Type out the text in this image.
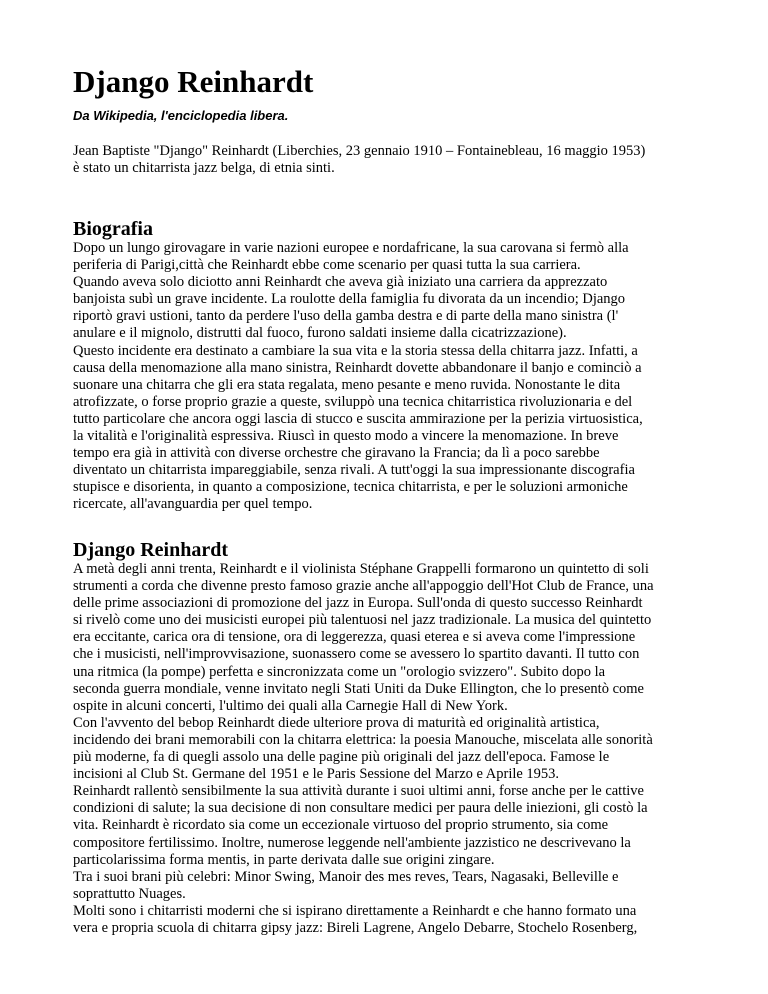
Django Reinhardt
Da Wikipedia, l'enciclopedia libera.
Jean Baptiste "Django" Reinhardt (Liberchies, 23 gennaio 1910 – Fontainebleau, 16 maggio 1953)
è stato un chitarrista jazz belga, di etnia sinti.
Biografia
Dopo un lungo girovagare in varie nazioni europee e nordafricane, la sua carovana si fermò alla
periferia di Parigi,città che Reinhardt ebbe come scenario per quasi tutta la sua carriera.
Quando aveva solo diciotto anni Reinhardt che aveva già iniziato una carriera da apprezzato
banjoista subì un grave incidente. La roulotte della famiglia fu divorata da un incendio; Django
riportò gravi ustioni, tanto da perdere l'uso della gamba destra e di parte della mano sinistra (l'
anulare e il mignolo, distrutti dal fuoco, furono saldati insieme dalla cicatrizzazione).
Questo incidente era destinato a cambiare la sua vita e la storia stessa della chitarra jazz. Infatti, a
causa della menomazione alla mano sinistra, Reinhardt dovette abbandonare il banjo e cominciò a
suonare una chitarra che gli era stata regalata, meno pesante e meno ruvida. Nonostante le dita
atrofizzate, o forse proprio grazie a queste, sviluppò una tecnica chitarristica rivoluzionaria e del
tutto particolare che ancora oggi lascia di stucco e suscita ammirazione per la perizia virtuosistica,
la vitalità e l'originalità espressiva. Riuscì in questo modo a vincere la menomazione. In breve
tempo era già in attività con diverse orchestre che giravano la Francia; da lì a poco sarebbe
diventato un chitarrista impareggiabile, senza rivali. A tutt'oggi la sua impressionante discografia
stupisce e disorienta, in quanto a composizione, tecnica chitarrista, e per le soluzioni armoniche
ricercate, all'avanguardia per quel tempo.
Django Reinhardt
A metà degli anni trenta, Reinhardt e il violinista Stéphane Grappelli formarono un quintetto di soli
strumenti a corda che divenne presto famoso grazie anche all'appoggio dell'Hot Club de France, una
delle prime associazioni di promozione del jazz in Europa. Sull'onda di questo successo Reinhardt
si rivelò come uno dei musicisti europei più talentuosi nel jazz tradizionale. La musica del quintetto
era eccitante, carica ora di tensione, ora di leggerezza, quasi eterea e si aveva come l'impressione
che i musicisti, nell'improvvisazione, suonassero come se avessero lo spartito davanti. Il tutto con
una ritmica (la pompe) perfetta e sincronizzata come un "orologio svizzero". Subito dopo la
seconda guerra mondiale, venne invitato negli Stati Uniti da Duke Ellington, che lo presentò come
ospite in alcuni concerti, l'ultimo dei quali alla Carnegie Hall di New York.
Con l'avvento del bebop Reinhardt diede ulteriore prova di maturità ed originalità artistica,
incidendo dei brani memorabili con la chitarra elettrica: la poesia Manouche, miscelata alle sonorità
più moderne, fa di quegli assolo una delle pagine più originali del jazz dell'epoca. Famose le
incisioni al Club St. Germane del 1951 e le Paris Sessione del Marzo e Aprile 1953.
Reinhardt rallentò sensibilmente la sua attività durante i suoi ultimi anni, forse anche per le cattive
condizioni di salute; la sua decisione di non consultare medici per paura delle iniezioni, gli costò la
vita. Reinhardt è ricordato sia come un eccezionale virtuoso del proprio strumento, sia come
compositore fertilissimo. Inoltre, numerose leggende nell'ambiente jazzistico ne descrivevano la
particolarissima forma mentis, in parte derivata dalle sue origini zingare.
Tra i suoi brani più celebri: Minor Swing, Manoir des mes reves, Tears, Nagasaki, Belleville e
soprattutto Nuages.
Molti sono i chitarristi moderni che si ispirano direttamente a Reinhardt e che hanno formato una
vera e propria scuola di chitarra gipsy jazz: Bireli Lagrene, Angelo Debarre, Stochelo Rosenberg,
